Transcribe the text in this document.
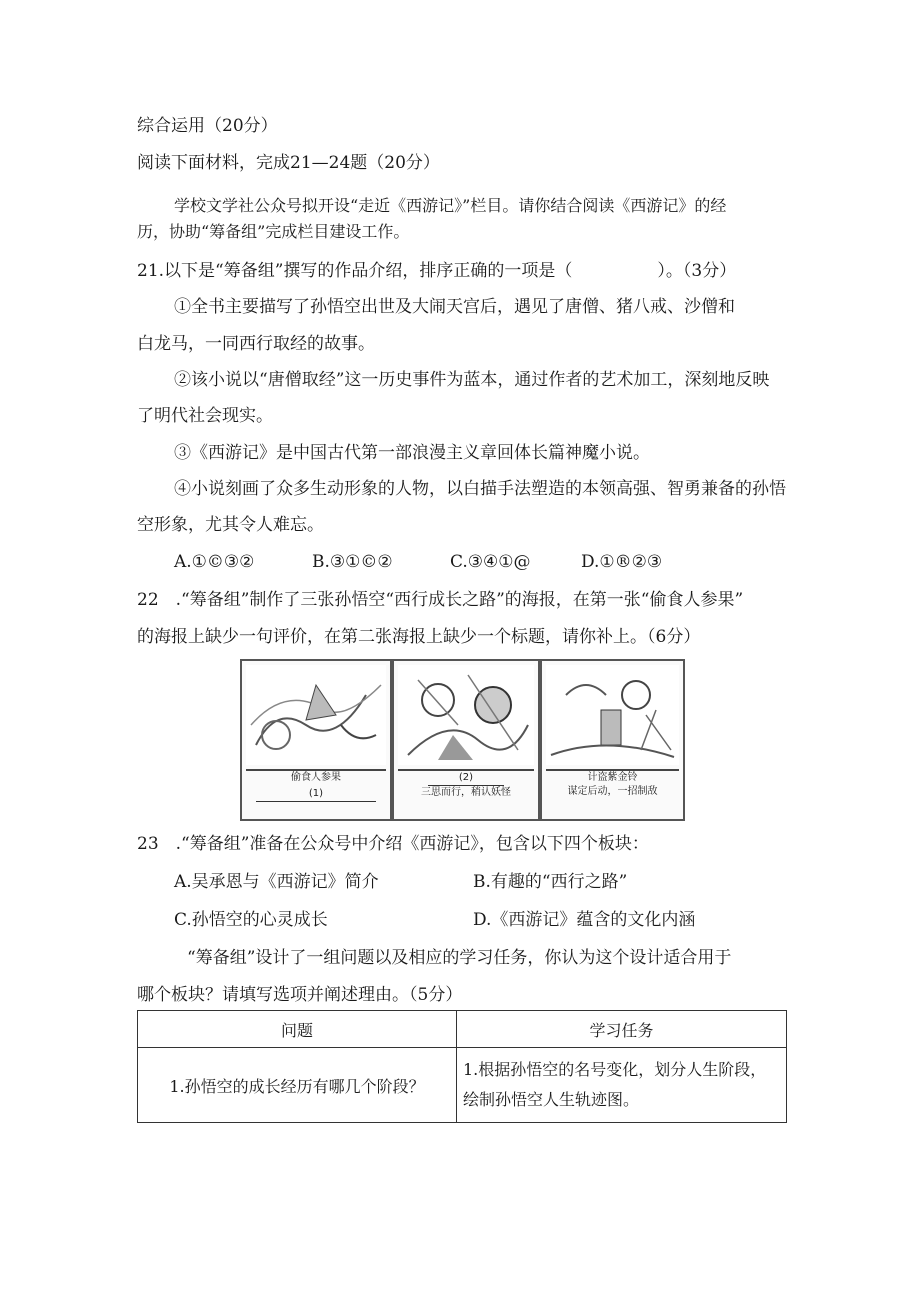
综合运用（20分）
阅读下面材料，完成21—24题（20分）
学校文学社公众号拟开设“走近《西游记》”栏目。请你结合阅读《西游记》的经
历，协助“筹备组”完成栏目建设工作。
21.以下是“筹备组”撰写的作品介绍，排序正确的一项是（　　　　　）。（3分）
①全书主要描写了孙悟空出世及大闹天宫后，遇见了唐僧、猪八戒、沙僧和
白龙马，一同西行取经的故事。
②该小说以“唐僧取经”这一历史事件为蓝本，通过作者的艺术加工，深刻地反映
了明代社会现实。
③《西游记》是中国古代第一部浪漫主义章回体长篇神魔小说。
④小说刻画了众多生动形象的人物，以白描手法塑造的本领高强、智勇兼备的孙悟
空形象，尤其令人难忘。
A.①©③②	B.③①©②	C.③④①@	D.①®②③
22　.“筹备组”制作了三张孙悟空“西行成长之路”的海报，在第一张“偷食人参果”
的海报上缺少一句评价，在第二张海报上缺少一个标题，请你补上。（6分）
偷食人参果
(1)
(2)
三思而行，稍认妖怪
计盗紫金铃
谋定后动，一招制敌
23　.“筹备组”准备在公众号中介绍《西游记》，包含以下四个板块：
A.吴承恩与《西游记》简介	B.有趣的“西行之路”
C.孙悟空的心灵成长	D.《西游记》蕴含的文化内涵
“筹备组”设计了一组问题以及相应的学习任务，你认为这个设计适合用于
哪个板块？请填写选项并阐述理由。（5分）
问题	学习任务
1.孙悟空的成长经历有哪几个阶段？	1.根据孙悟空的名号变化，划分人生阶段，
绘制孙悟空人生轨迹图。
